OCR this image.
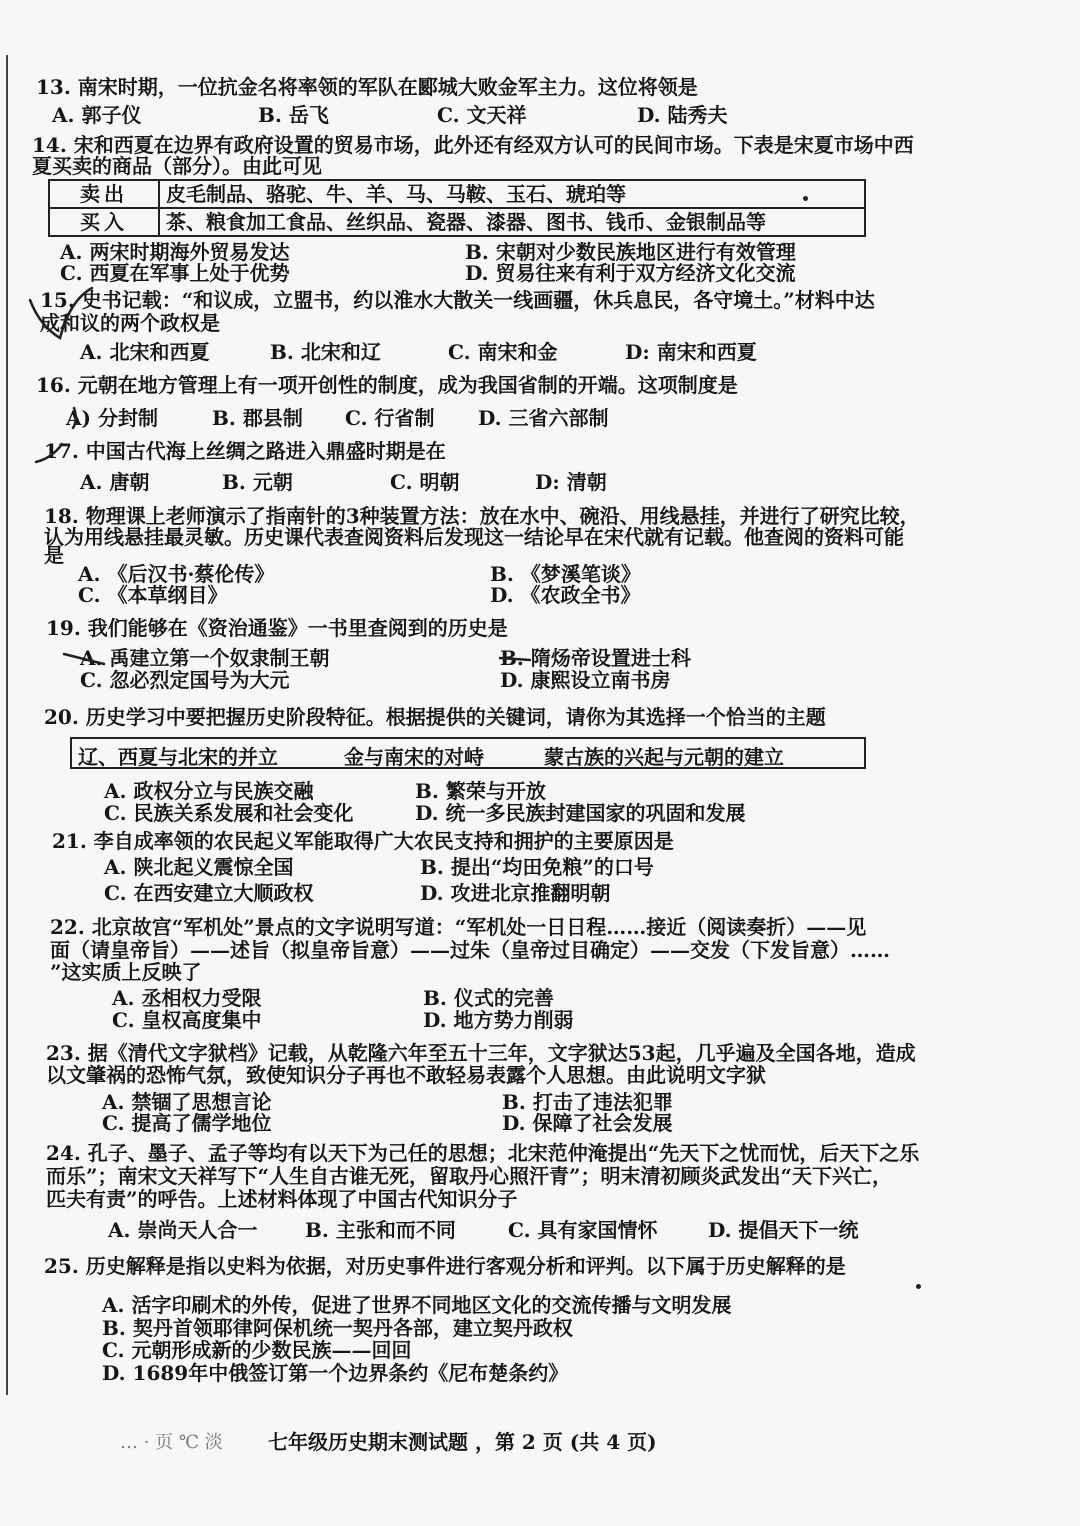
13. 南宋时期，一位抗金名将率领的军队在郾城大败金军主力。这位将领是
A. 郭子仪	B. 岳飞	C. 文天祥	D. 陆秀夫
14. 宋和西夏在边界有政府设置的贸易市场，此外还有经双方认可的民间市场。下表是宋夏市场中西
夏买卖的商品（部分）。由此可见
卖出	皮毛制品、骆驼、牛、羊、马、马鞍、玉石、琥珀等
买入	茶、粮食加工食品、丝织品、瓷器、漆器、图书、钱币、金银制品等
A. 两宋时期海外贸易发达	B. 宋朝对少数民族地区进行有效管理
C. 西夏在军事上处于优势	D. 贸易往来有利于双方经济文化交流
15. 史书记载：“和议成，立盟书，约以淮水大散关一线画疆，休兵息民，各守境土。”材料中达
成和议的两个政权是
A. 北宋和西夏	B. 北宋和辽	C. 南宋和金	D: 南宋和西夏
16. 元朝在地方管理上有一项开创性的制度，成为我国省制的开端。这项制度是
A) 分封制	B. 郡县制 C. 行省制 D. 三省六部制
17. 中国古代海上丝绸之路进入鼎盛时期是在
A. 唐朝	B. 元朝	C. 明朝	D: 清朝
18. 物理课上老师演示了指南针的3种装置方法：放在水中、碗沿、用线悬挂，并进行了研究比较，
认为用线悬挂最灵敏。历史课代表查阅资料后发现这一结论早在宋代就有记载。他查阅的资料可能
是
A. 《后汉书·蔡伦传》	B. 《梦溪笔谈》
C. 《本草纲目》	D. 《农政全书》
19. 我们能够在《资治通鉴》一书里查阅到的历史是
A. 禹建立第一个奴隶制王朝	B. 隋炀帝设置进士科
C. 忽必烈定国号为大元	D. 康熙设立南书房
20. 历史学习中要把握历史阶段特征。根据提供的关键词，请你为其选择一个恰当的主题
辽、西夏与北宋的并立	金与南宋的对峙	蒙古族的兴起与元朝的建立
A. 政权分立与民族交融	B. 繁荣与开放
C. 民族关系发展和社会变化	D. 统一多民族封建国家的巩固和发展
21. 李自成率领的农民起义军能取得广大农民支持和拥护的主要原因是
A. 陕北起义震惊全国	B. 提出“均田免粮”的口号
C. 在西安建立大顺政权	D. 攻进北京推翻明朝
22. 北京故宫“军机处”景点的文字说明写道：“军机处一日日程……接近（阅读奏折）——见
面（请皇帝旨）——述旨（拟皇帝旨意）——过朱（皇帝过目确定）——交发（下发旨意）……
”这实质上反映了
A. 丞相权力受限	B. 仪式的完善
C. 皇权高度集中	D. 地方势力削弱
23. 据《清代文字狱档》记载，从乾隆六年至五十三年，文字狱达53起，几乎遍及全国各地，造成
以文肇祸的恐怖气氛，致使知识分子再也不敢轻易表露个人思想。由此说明文字狱
A. 禁锢了思想言论	B. 打击了违法犯罪
C. 提高了儒学地位	D. 保障了社会发展
24. 孔子、墨子、孟子等均有以天下为己任的思想；北宋范仲淹提出“先天下之忧而忧，后天下之乐
而乐”；南宋文天祥写下“人生自古谁无死，留取丹心照汗青”；明末清初顾炎武发出“天下兴亡，
匹夫有责”的呼告。上述材料体现了中国古代知识分子
A. 崇尚天人合一 B. 主张和而不同	C. 具有家国情怀	D. 提倡天下一统
25. 历史解释是指以史料为依据，对历史事件进行客观分析和评判。以下属于历史解释的是
A. 活字印刷术的外传，促进了世界不同地区文化的交流传播与文明发展
B. 契丹首领耶律阿保机统一契丹各部，建立契丹政权
C. 元朝形成新的少数民族——回回
D. 1689年中俄签订第一个边界条约《尼布楚条约》
… · 页 ℃ 淡 七年级历史期末测试题 ，第 2 页 (共 4 页)
